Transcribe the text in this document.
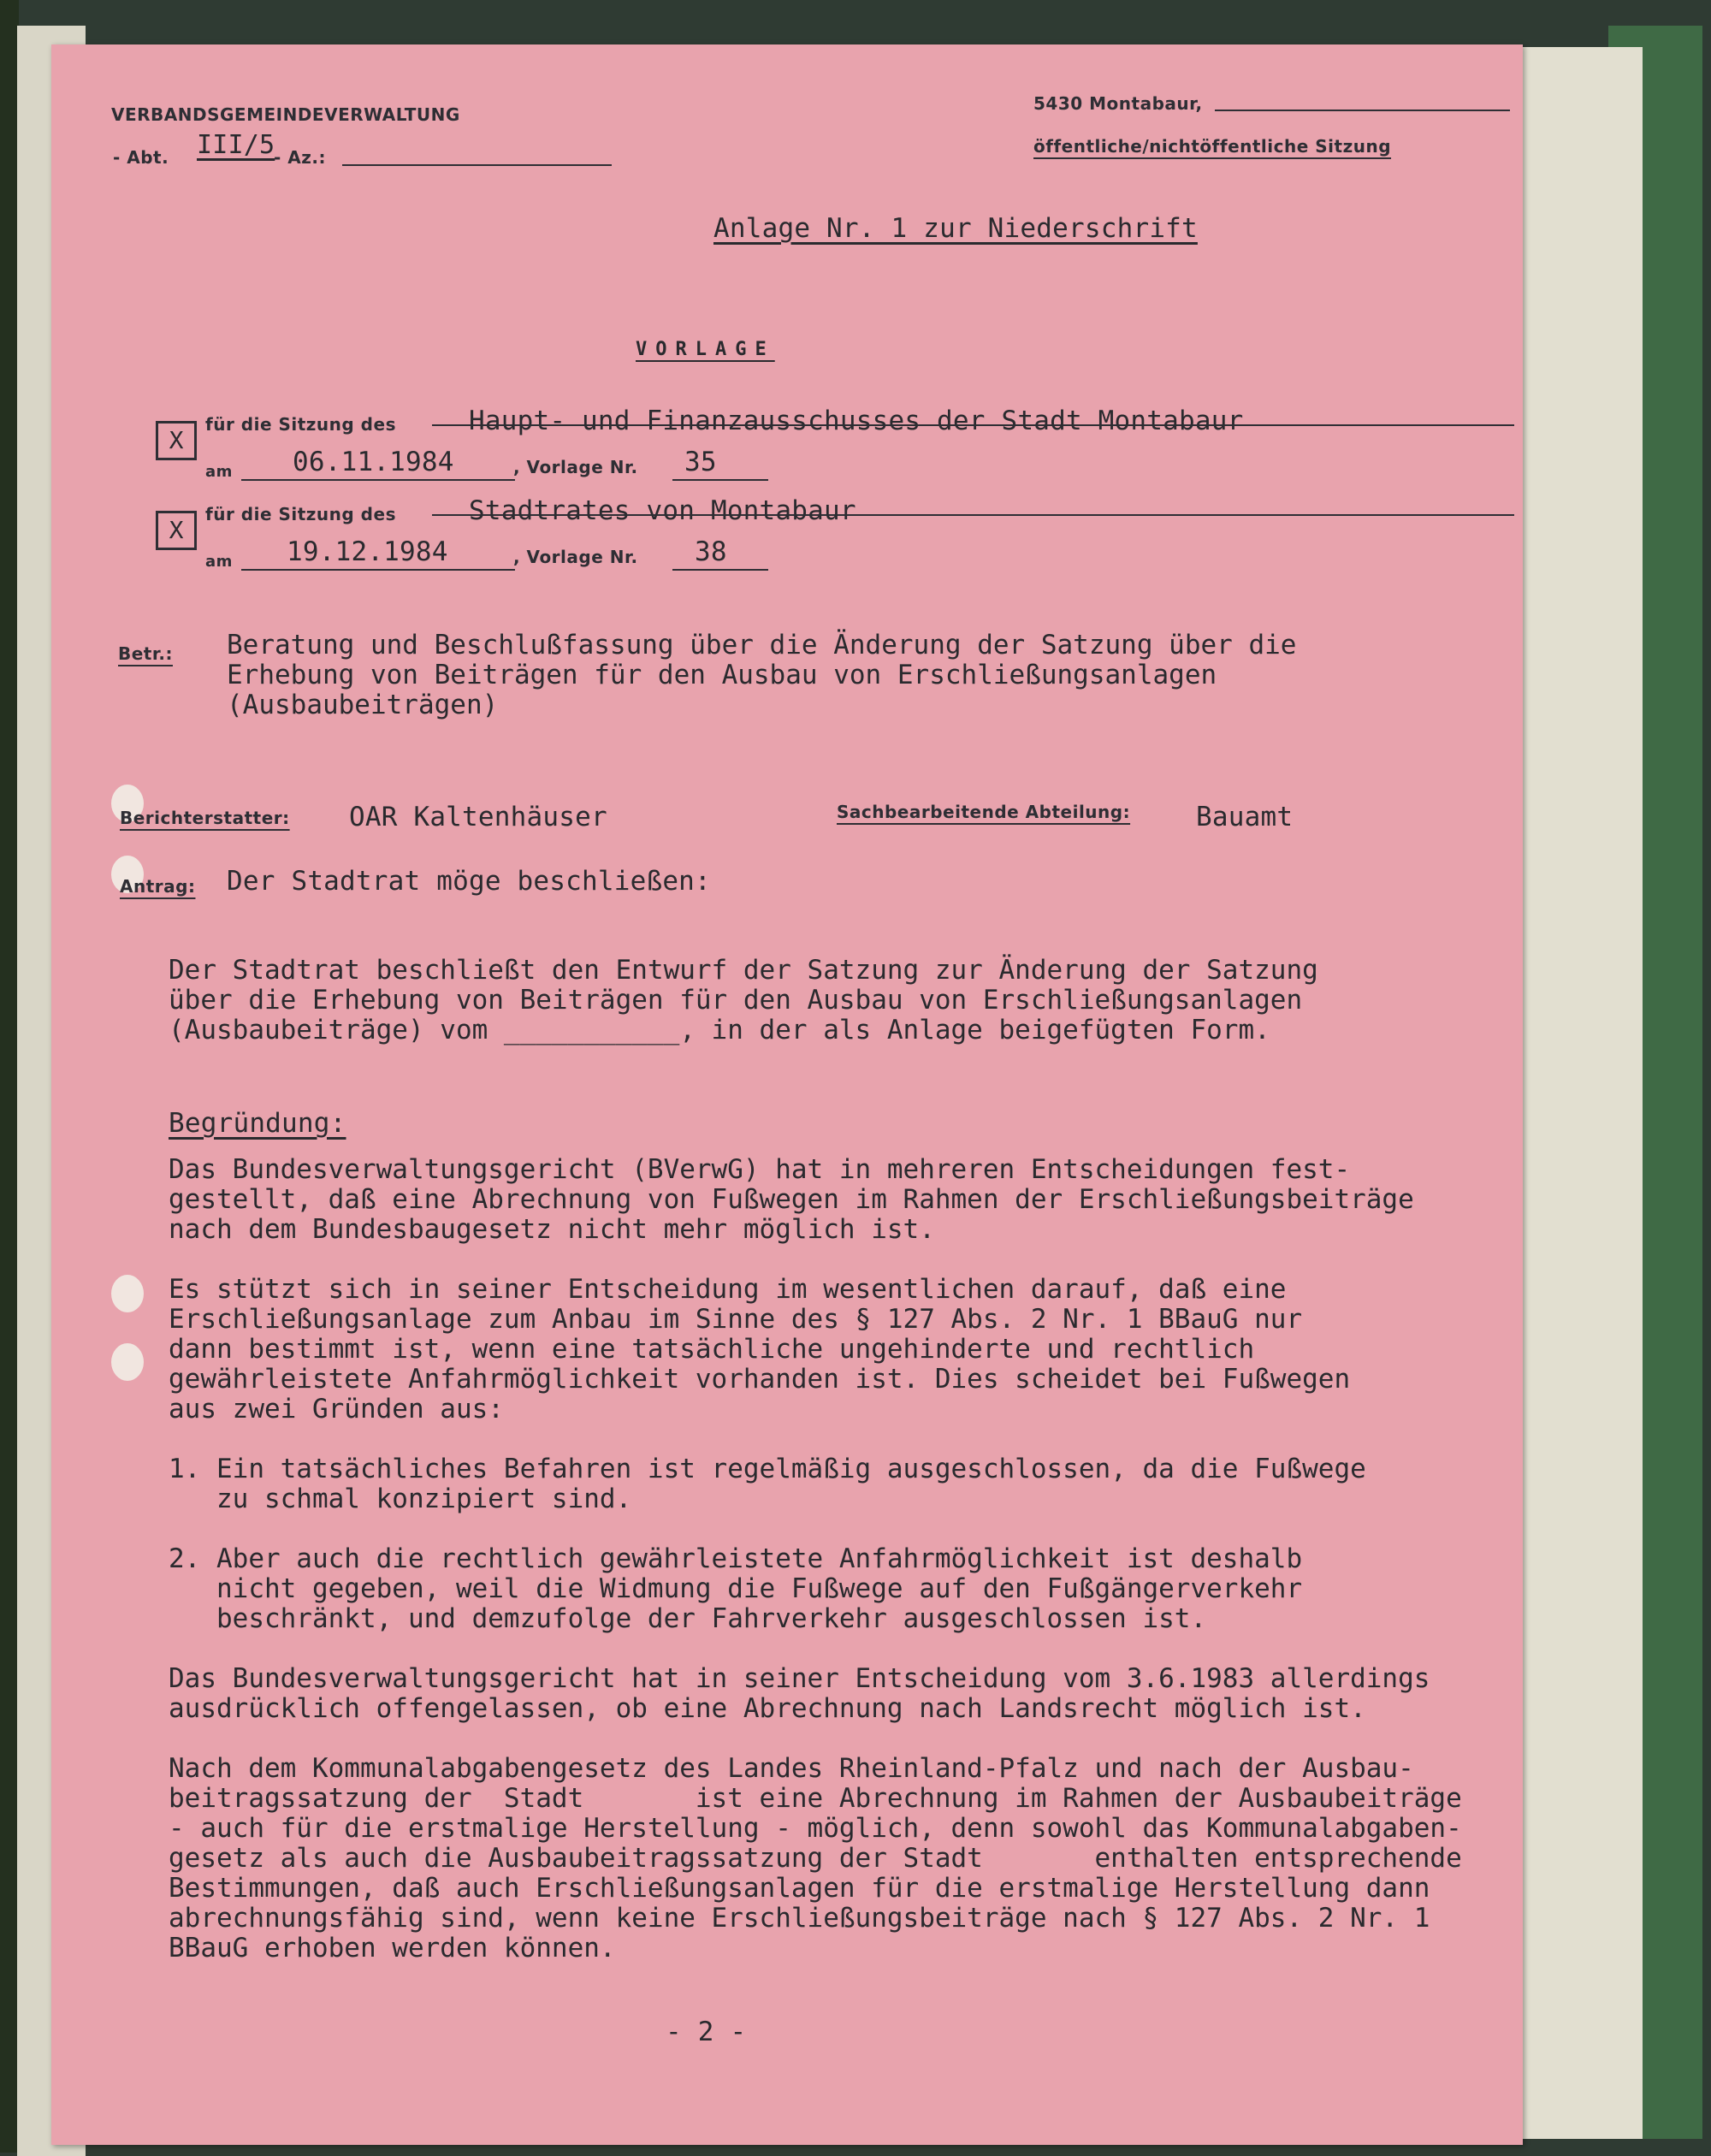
VERBANDSGEMEINDEVERWALTUNG
- Abt. III/5
- Az.:
5430 Montabaur,
öffentliche/nichtöffentliche Sitzung
Anlage Nr. 1 zur Niederschrift
VORLAGE
X
für die Sitzung des	Haupt- und Finanzausschusses der Stadt Montabaur
am 06.11.1984	, Vorlage Nr. 35
X
für die Sitzung des	Stadtrates von Montabaur
am 19.12.1984	, Vorlage Nr. 38
Betr.: Beratung und Beschlußfassung über die Änderung der Satzung über die
Erhebung von Beiträgen für den Ausbau von Erschließungsanlagen
(Ausbaubeiträgen)
Berichterstatter: OAR Kaltenhäuser	Sachbearbeitende Abteilung: Bauamt
Antrag: Der Stadtrat möge beschließen:
Der Stadtrat beschließt den Entwurf der Satzung zur Änderung der Satzung
über die Erhebung von Beiträgen für den Ausbau von Erschließungsanlagen
(Ausbaubeiträge) vom ___________, in der als Anlage beigefügten Form.
Begründung:
Das Bundesverwaltungsgericht (BVerwG) hat in mehreren Entscheidungen fest-
gestellt, daß eine Abrechnung von Fußwegen im Rahmen der Erschließungsbeiträge
nach dem Bundesbaugesetz nicht mehr möglich ist.
Es stützt sich in seiner Entscheidung im wesentlichen darauf, daß eine
Erschließungsanlage zum Anbau im Sinne des § 127 Abs. 2 Nr. 1 BBauG nur
dann bestimmt ist, wenn eine tatsächliche ungehinderte und rechtlich
gewährleistete Anfahrmöglichkeit vorhanden ist. Dies scheidet bei Fußwegen
aus zwei Gründen aus:
1. Ein tatsächliches Befahren ist regelmäßig ausgeschlossen, da die Fußwege
zu schmal konzipiert sind.
2. Aber auch die rechtlich gewährleistete Anfahrmöglichkeit ist deshalb
nicht gegeben, weil die Widmung die Fußwege auf den Fußgängerverkehr
beschränkt, und demzufolge der Fahrverkehr ausgeschlossen ist.
Das Bundesverwaltungsgericht hat in seiner Entscheidung vom 3.6.1983 allerdings
ausdrücklich offengelassen, ob eine Abrechnung nach Landsrecht möglich ist.
Nach dem Kommunalabgabengesetz des Landes Rheinland-Pfalz und nach der Ausbau-
beitragssatzung der  Stadt       ist eine Abrechnung im Rahmen der Ausbaubeiträge
- auch für die erstmalige Herstellung - möglich, denn sowohl das Kommunalabgaben-
gesetz als auch die Ausbaubeitragssatzung der Stadt       enthalten entsprechende
Bestimmungen, daß auch Erschließungsanlagen für die erstmalige Herstellung dann
abrechnungsfähig sind, wenn keine Erschließungsbeiträge nach § 127 Abs. 2 Nr. 1
BBauG erhoben werden können.
- 2 -
